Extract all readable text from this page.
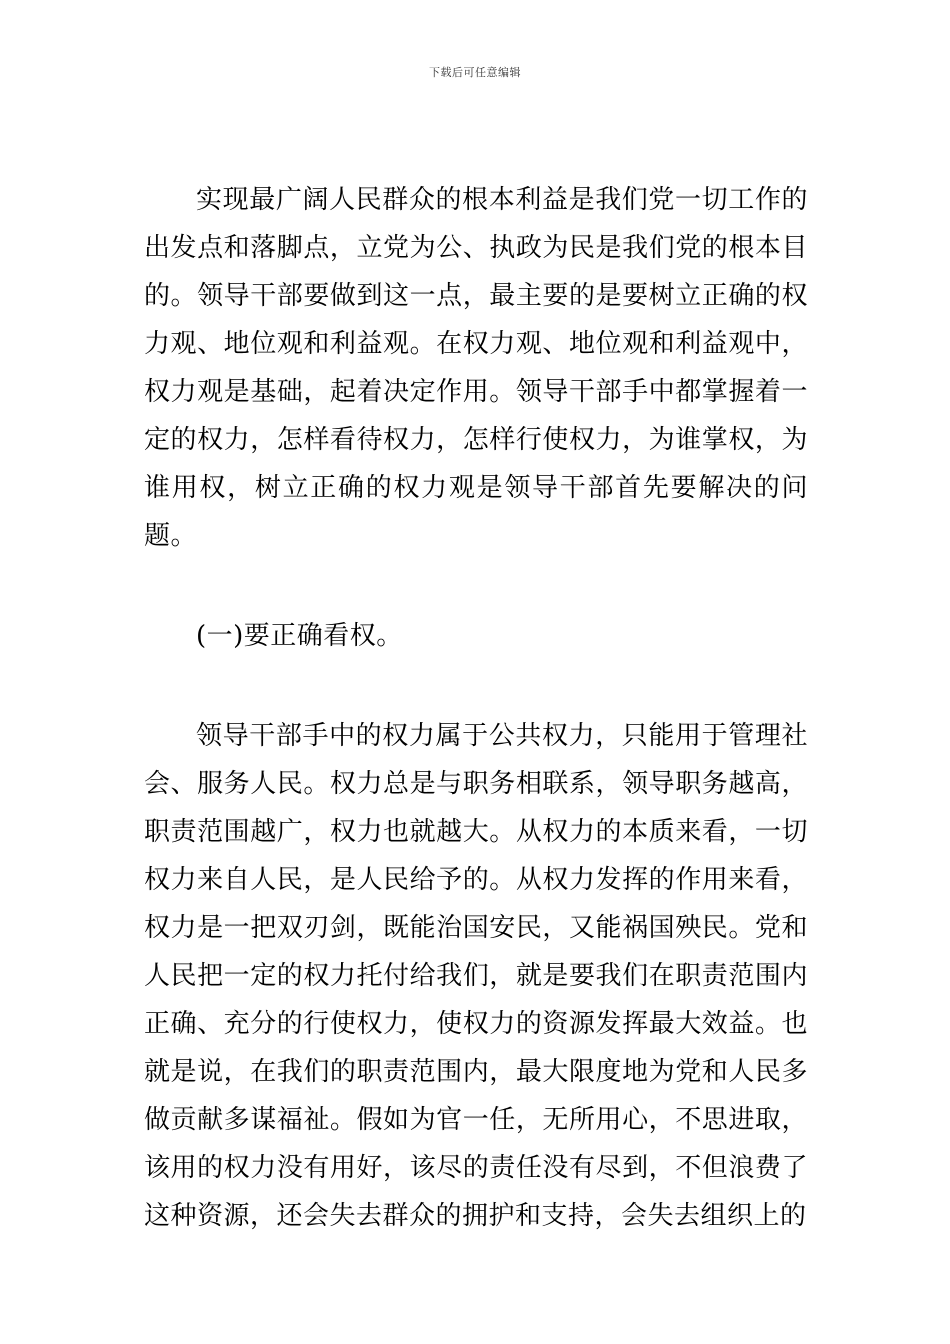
下载后可任意编辑

实现最广阔人民群众的根本利益是我们党一切工作的出发点和落脚点，立党为公、执政为民是我们党的根本目的。领导干部要做到这一点，最主要的是要树立正确的权力观、地位观和利益观。在权力观、地位观和利益观中，权力观是基础，起着决定作用。领导干部手中都掌握着一定的权力，怎样看待权力，怎样行使权力，为谁掌权，为谁用权，树立正确的权力观是领导干部首先要解决的问题。

(一)要正确看权。

领导干部手中的权力属于公共权力，只能用于管理社会、服务人民。权力总是与职务相联系，领导职务越高，职责范围越广，权力也就越大。从权力的本质来看，一切权力来自人民，是人民给予的。从权力发挥的作用来看，权力是一把双刃剑，既能治国安民，又能祸国殃民。党和人民把一定的权力托付给我们，就是要我们在职责范围内正确、充分的行使权力，使权力的资源发挥最大效益。也就是说，在我们的职责范围内，最大限度地为党和人民多做贡献多谋福祉。假如为官一任，无所用心，不思进取，该用的权力没有用好，该尽的责任没有尽到，不但浪费了这种资源，还会失去群众的拥护和支持，会失去组织上的
